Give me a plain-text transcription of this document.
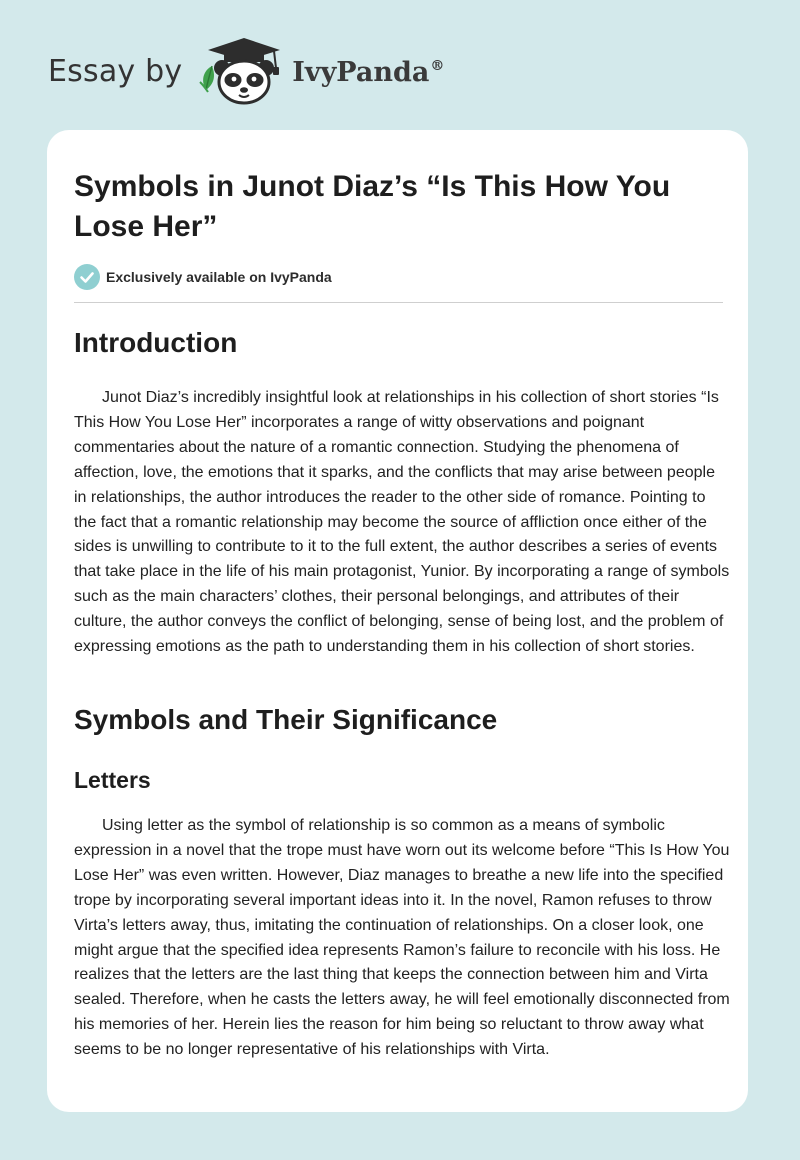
Essay by	IvyPanda®
Symbols in Junot Diaz’s “Is This How You Lose Her”
Exclusively available on IvyPanda
Introduction

Junot Diaz’s incredibly insightful look at relationships in his collection of short stories “Is This How You Lose Her” incorporates a range of witty observations and poignant commentaries about the nature of a romantic connection. Studying the phenomena of affection, love, the emotions that it sparks, and the conflicts that may arise between people in relationships, the author introduces the reader to the other side of romance. Pointing to the fact that a romantic relationship may become the source of affliction once either of the sides is unwilling to contribute to it to the full extent, the author describes a series of events that take place in the life of his main protagonist, Yunior. By incorporating a range of symbols such as the main characters’ clothes, their personal belongings, and attributes of their culture, the author conveys the conflict of belonging, sense of being lost, and the problem of expressing emotions as the path to understanding them in his collection of short stories.

Symbols and Their Significance
Letters

Using letter as the symbol of relationship is so common as a means of symbolic expression in a novel that the trope must have worn out its welcome before “This Is How You Lose Her” was even written. However, Diaz manages to breathe a new life into the specified trope by incorporating several important ideas into it. In the novel, Ramon refuses to throw Virta’s letters away, thus, imitating the continuation of relationships. On a closer look, one might argue that the specified idea represents Ramon’s failure to reconcile with his loss. He realizes that the letters are the last thing that keeps the connection between him and Virta sealed. Therefore, when he casts the letters away, he will feel emotionally disconnected from his memories of her. Herein lies the reason for him being so reluctant to throw away what seems to be no longer representative of his relationships with Virta.
